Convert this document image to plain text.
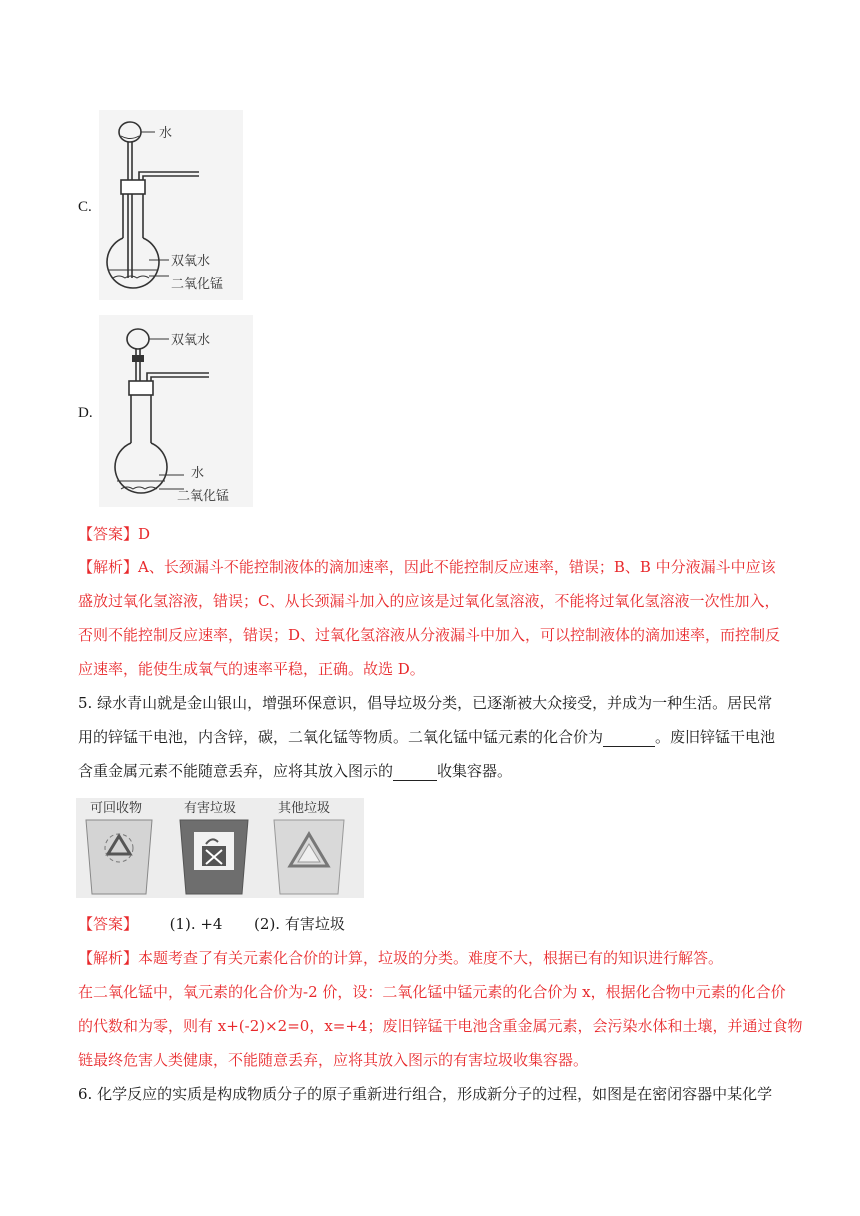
C.
水
双氧水
二氧化锰
D.
双氧水
水
二氧化锰
【答案】D
【解析】A、长颈漏斗不能控制液体的滴加速率，因此不能控制反应速率，错误；B、B 中分液漏斗中应该
盛放过氧化氢溶液，错误；C、从长颈漏斗加入的应该是过氧化氢溶液，不能将过氧化氢溶液一次性加入，
否则不能控制反应速率，错误；D、过氧化氢溶液从分液漏斗中加入，可以控制液体的滴加速率，而控制反
应速率，能使生成氧气的速率平稳，正确。故选 D。
5. 绿水青山就是金山银山，增强环保意识，倡导垃圾分类，已逐渐被大众接受，并成为一种生活。居民常
用的锌锰干电池，内含锌，碳，二氧化锰等物质。二氧化锰中锰元素的化合价为	。废旧锌锰干电池
含重金属元素不能随意丢弃，应将其放入图示的	收集容器。
可回收物	有害垃圾	其他垃圾
【答案】 (1). +4 (2). 有害垃圾
【解析】本题考查了有关元素化合价的计算，垃圾的分类。难度不大，根据已有的知识进行解答。
在二氧化锰中，氧元素的化合价为-2 价，设：二氧化锰中锰元素的化合价为 x，根据化合物中元素的化合价
的代数和为零，则有 x+(-2)×2=0，x=+4；废旧锌锰干电池含重金属元素，会污染水体和土壤，并通过食物
链最终危害人类健康，不能随意丢弃，应将其放入图示的有害垃圾收集容器。
6. 化学反应的实质是构成物质分子的原子重新进行组合，形成新分子的过程，如图是在密闭容器中某化学
